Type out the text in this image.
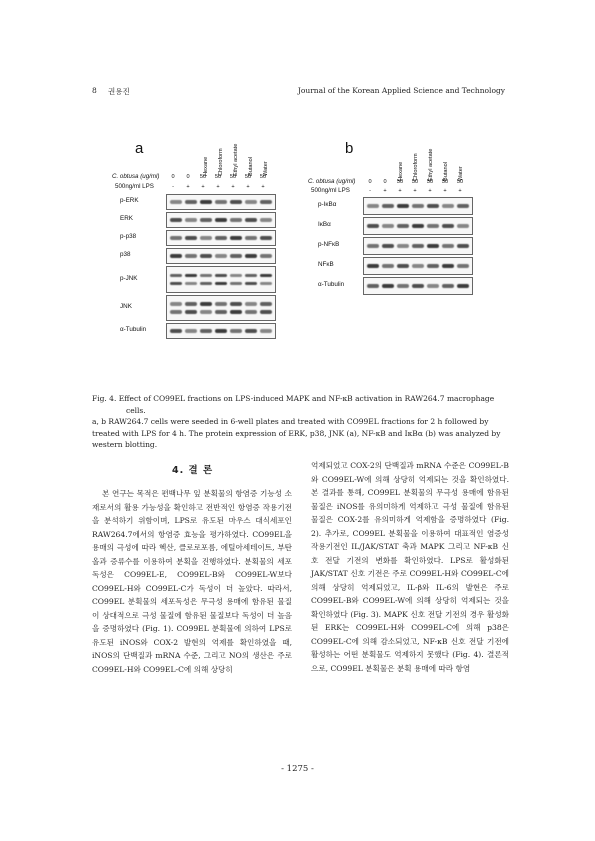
8 권용진	Journal of the Korean Applied Science and Technology
a
Hexane Chloroform Ethyl acetate Butanol Water
C. obtusa (ug/ml)
500ng/ml LPS
0	0	50	50	50	50	50
-	+	+	+	+	+	+
p-ERK
ERK
p-p38
p38
p-JNK
JNK
α-Tubulin
b
Hexane Chloroform Ethyl acetate Butanol Water
C. obtusa (ug/ml)
500ng/ml LPS
0	0	50	50	50	50	50
-	+	+	+	+	+	+
p-IκBα
IκBα
p-NFκB
NFκB
α-Tubulin

Fig. 4. Effect of CO99EL fractions on LPS-induced MAPK and NF-κB activation in RAW264.7 macrophage cells.

a, b RAW264.7 cells were seeded in 6-well plates and treated with CO99EL fractions for 2 h followed by treated with LPS for 4 h. The protein expression of ERK, p38, JNK (a), NF-κB and IκBα (b) was analyzed by western blotting.

4. 결 론

본 연구는 목적은 편백나무 잎 분획물의 항염증 기능성 소재로서의 활용 가능성을 확인하고 전반적인 항염증 작용기전을 분석하기 위함이며, LPS로 유도된 마우스 대식세포인 RAW264.7에서의 항염증 효능을 평가하였다. CO99EL을 용매의 극성에 따라 헥산, 클로로포름, 에틸아세테이트, 부탄올과 증류수를 이용하여 분획을 진행하였다. 분획물의 세포독성은 CO99EL-E, CO99EL-B와 CO99EL-W보다 CO99EL-H와 CO99EL-C가 독성이 더 높았다. 따라서, CO99EL 분획물의 세포독성은 무극성 용매에 함유된 물질이 상대적으로 극성 물질에 함유된 물질보다 독성이 더 높음을 증명하였다 (Fig. 1). CO99EL 분획물에 의하여 LPS로 유도된 iNOS와 COX-2 발현의 억제를 확인하였을 때, iNOS의 단백질과 mRNA 수준, 그리고 NO의 생산은 주로 CO99EL-H와 CO99EL-C에 의해 상당히

억제되었고 COX-2의 단백질과 mRNA 수준은 CO99EL-B와 CO99EL-W에 의해 상당히 억제되는 것을 확인하였다. 본 결과를 통해, CO99EL 분획물의 무극성 용매에 함유된 물질은 iNOS를 유의미하게 억제하고 극성 물질에 함유된 물질은 COX-2를 유의미하게 억제함을 증명하였다 (Fig. 2). 추가로, CO99EL 분획물을 이용하여 대표적인 염증성 작용기전인 IL/JAK/STAT 축과 MAPK 그리고 NF-κB 신호 전달 기전의 변화를 확인하였다. LPS로 활성화된 JAK/STAT 신호 기전은 주로 CO99EL-H와 CO99EL-C에 의해 상당히 억제되었고, IL-β와 IL-6의 발현은 주로 CO99EL-B와 CO99EL-W에 의해 상당히 억제되는 것을 확인하였다 (Fig. 3). MAPK 신호 전달 기전의 경우 활성화된 ERK는 CO99EL-H와 CO99EL-C에 의해 p38은 CO99EL-C에 의해 감소되었고, NF-κB 신호 전달 기전에 활성하는 어떤 분획물도 억제하지 못했다 (Fig. 4). 결론적으로, CO99EL 분획물은 분획 용매에 따라 항염

- 1275 -
